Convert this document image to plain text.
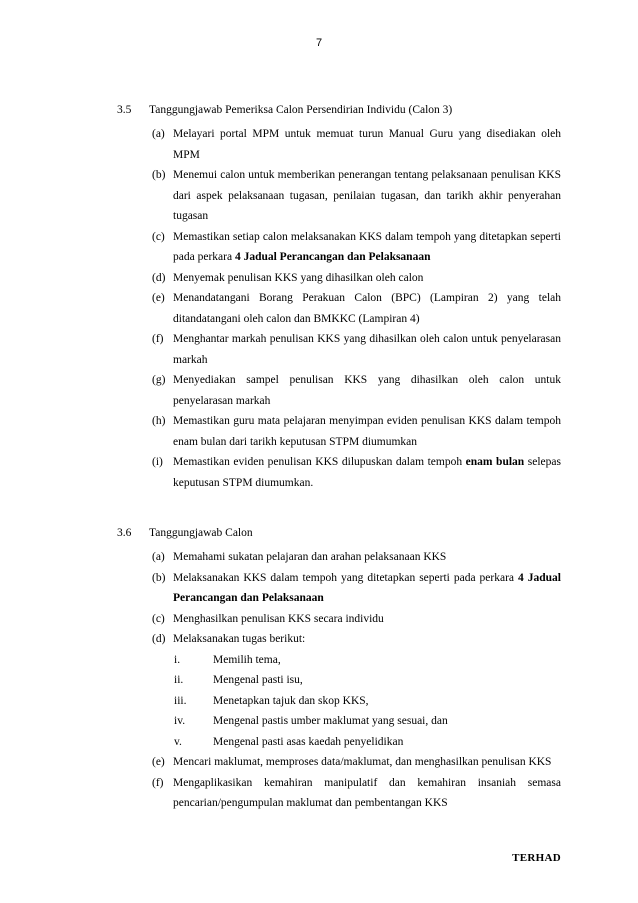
7
3.5 Tanggungjawab Pemeriksa Calon Persendirian Individu (Calon 3)
(a) Melayari portal MPM untuk memuat turun Manual Guru yang disediakan oleh MPM
(b) Menemui calon untuk memberikan penerangan tentang pelaksanaan penulisan KKS dari aspek pelaksanaan tugasan, penilaian tugasan, dan tarikh akhir penyerahan tugasan
(c) Memastikan setiap calon melaksanakan KKS dalam tempoh yang ditetapkan seperti pada perkara 4 Jadual Perancangan dan Pelaksanaan
(d) Menyemak penulisan KKS yang dihasilkan oleh calon
(e) Menandatangani Borang Perakuan Calon (BPC) (Lampiran 2) yang telah ditandatangani oleh calon dan BMKKC (Lampiran 4)
(f) Menghantar markah penulisan KKS yang dihasilkan oleh calon untuk penyelarasan markah
(g) Menyediakan sampel penulisan KKS yang dihasilkan oleh calon untuk penyelarasan markah
(h) Memastikan guru mata pelajaran menyimpan eviden penulisan KKS dalam tempoh enam bulan dari tarikh keputusan STPM diumumkan
(i) Memastikan eviden penulisan KKS dilupuskan dalam tempoh enam bulan selepas keputusan STPM diumumkan.
3.6 Tanggungjawab Calon
(a) Memahami sukatan pelajaran dan arahan pelaksanaan KKS
(b) Melaksanakan KKS dalam tempoh yang ditetapkan seperti pada perkara 4 Jadual Perancangan dan Pelaksanaan
(c) Menghasilkan penulisan KKS secara individu
(d) Melaksanakan tugas berikut:
i.	Memilih tema,
ii.	Mengenal pasti isu,
iii. Menetapkan tajuk dan skop KKS,
iv. Mengenal pastis umber maklumat yang sesuai, dan
v.	Mengenal pasti asas kaedah penyelidikan
(e) Mencari maklumat, memproses data/maklumat, dan menghasilkan penulisan KKS
(f) Mengaplikasikan kemahiran manipulatif dan kemahiran insaniah semasa pencarian/pengumpulan maklumat dan pembentangan KKS
TERHAD
